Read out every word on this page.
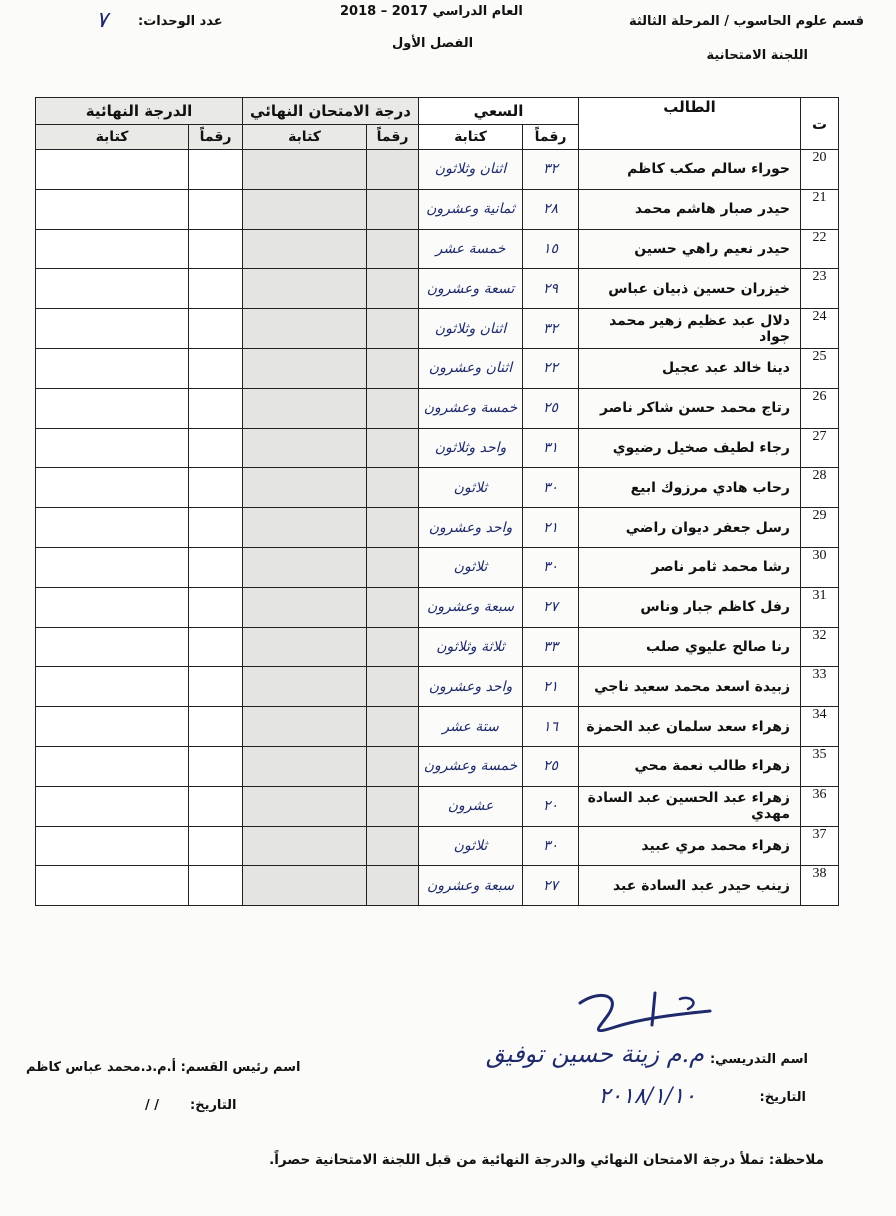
قسم علوم الحاسوب / المرحلة الثالثة
اللجنة الامتحانية
العام الدراسي 2017 – 2018
الفصل الأول
عدد الوحدات:
٧
ت	الطالب	السعي		درجة الامتحان النهائي		الدرجة النهائية	
		رقماً	كتابة	رقماً	كتابة	رقماً	كتابة
20	حوراء سالم صكب كاظم	٣٢	اثنان وثلاثون				
21	حيدر صبار هاشم محمد	٢٨	ثمانية وعشرون				
22	حيدر نعيم راهي حسين	١٥	خمسة عشر				
23	خيزران حسين ذبيان عباس	٢٩	تسعة وعشرون				
24	دلال عبد عظيم زهير محمد جواد	٣٢	اثنان وثلاثون				
25	دينا خالد عبد عجيل	٢٢	اثنان وعشرون				
26	رتاج محمد حسن شاكر ناصر	٢٥	خمسة وعشرون				
27	رجاء لطيف صخيل رضيوي	٣١	واحد وثلاثون				
28	رحاب هادي مرزوك ابيع	٣٠	ثلاثون				
29	رسل جعفر ديوان راضي	٢١	واحد وعشرون				
30	رشا محمد ثامر ناصر	٣٠	ثلاثون				
31	رفل كاظم جبار وناس	٢٧	سبعة وعشرون				
32	رنا صالح عليوي صلب	٣٣	ثلاثة وثلاثون				
33	زبيدة اسعد محمد سعيد ناجي	٢١	واحد وعشرون				
34	زهراء سعد سلمان عبد الحمزة	١٦	ستة عشر				
35	زهراء طالب نعمة محي	٢٥	خمسة وعشرون				
36	زهراء عبد الحسين عبد السادة مهدي	٢٠	عشرون				
37	زهراء محمد مري عبيد	٣٠	ثلاثون				
38	زينب حيدر عبد السادة عبد	٢٧	سبعة وعشرون				
اسم التدريسي:
م.م زينة حسين توفيق
التاريخ:
٢٠١٨/١/١٠
اسم رئيس القسم: أ.م.د.محمد عباس كاظم
التاريخ:
/ /
ملاحظة: تملأ درجة الامتحان النهائي والدرجة النهائية من قبل اللجنة الامتحانية حصراً.
